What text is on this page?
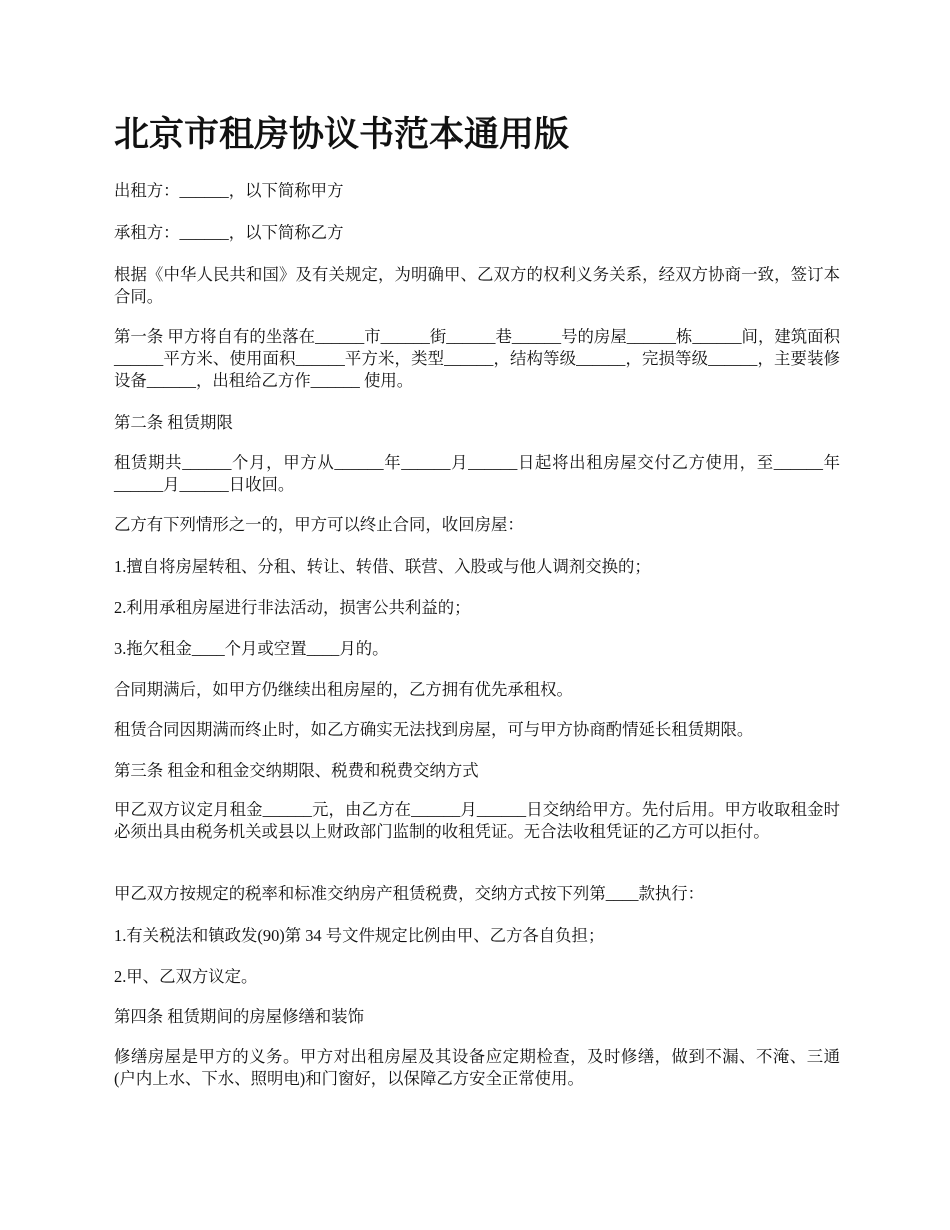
北京市租房协议书范本通用版

出租方：______，以下简称甲方

承租方：______，以下简称乙方

根据《中华人民共和国》及有关规定，为明确甲、乙双方的权利义务关系，经双方协商一致，签订本合同。

第一条 甲方将自有的坐落在______市______街______巷______号的房屋______栋______间，建筑面积______平方米、使用面积______平方米，类型______，结构等级______，完损等级______，主要装修设备______，出租给乙方作______ 使用。

第二条 租赁期限

租赁期共______个月，甲方从______年______月______日起将出租房屋交付乙方使用，至______年______月______日收回。

乙方有下列情形之一的，甲方可以终止合同，收回房屋：

1.擅自将房屋转租、分租、转让、转借、联营、入股或与他人调剂交换的；

2.利用承租房屋进行非法活动，损害公共利益的；

3.拖欠租金____个月或空置____月的。

合同期满后，如甲方仍继续出租房屋的，乙方拥有优先承租权。

租赁合同因期满而终止时，如乙方确实无法找到房屋，可与甲方协商酌情延长租赁期限。

第三条 租金和租金交纳期限、税费和税费交纳方式

甲乙双方议定月租金______元，由乙方在______月______日交纳给甲方。先付后用。甲方收取租金时必须出具由税务机关或县以上财政部门监制的收租凭证。无合法收租凭证的乙方可以拒付。

甲乙双方按规定的税率和标准交纳房产租赁税费，交纳方式按下列第____款执行：

1.有关税法和镇政发(90)第 34 号文件规定比例由甲、乙方各自负担；

2.甲、乙双方议定。

第四条 租赁期间的房屋修缮和装饰

修缮房屋是甲方的义务。甲方对出租房屋及其设备应定期检查，及时修缮，做到不漏、不淹、三通(户内上水、下水、照明电)和门窗好，以保障乙方安全正常使用。
